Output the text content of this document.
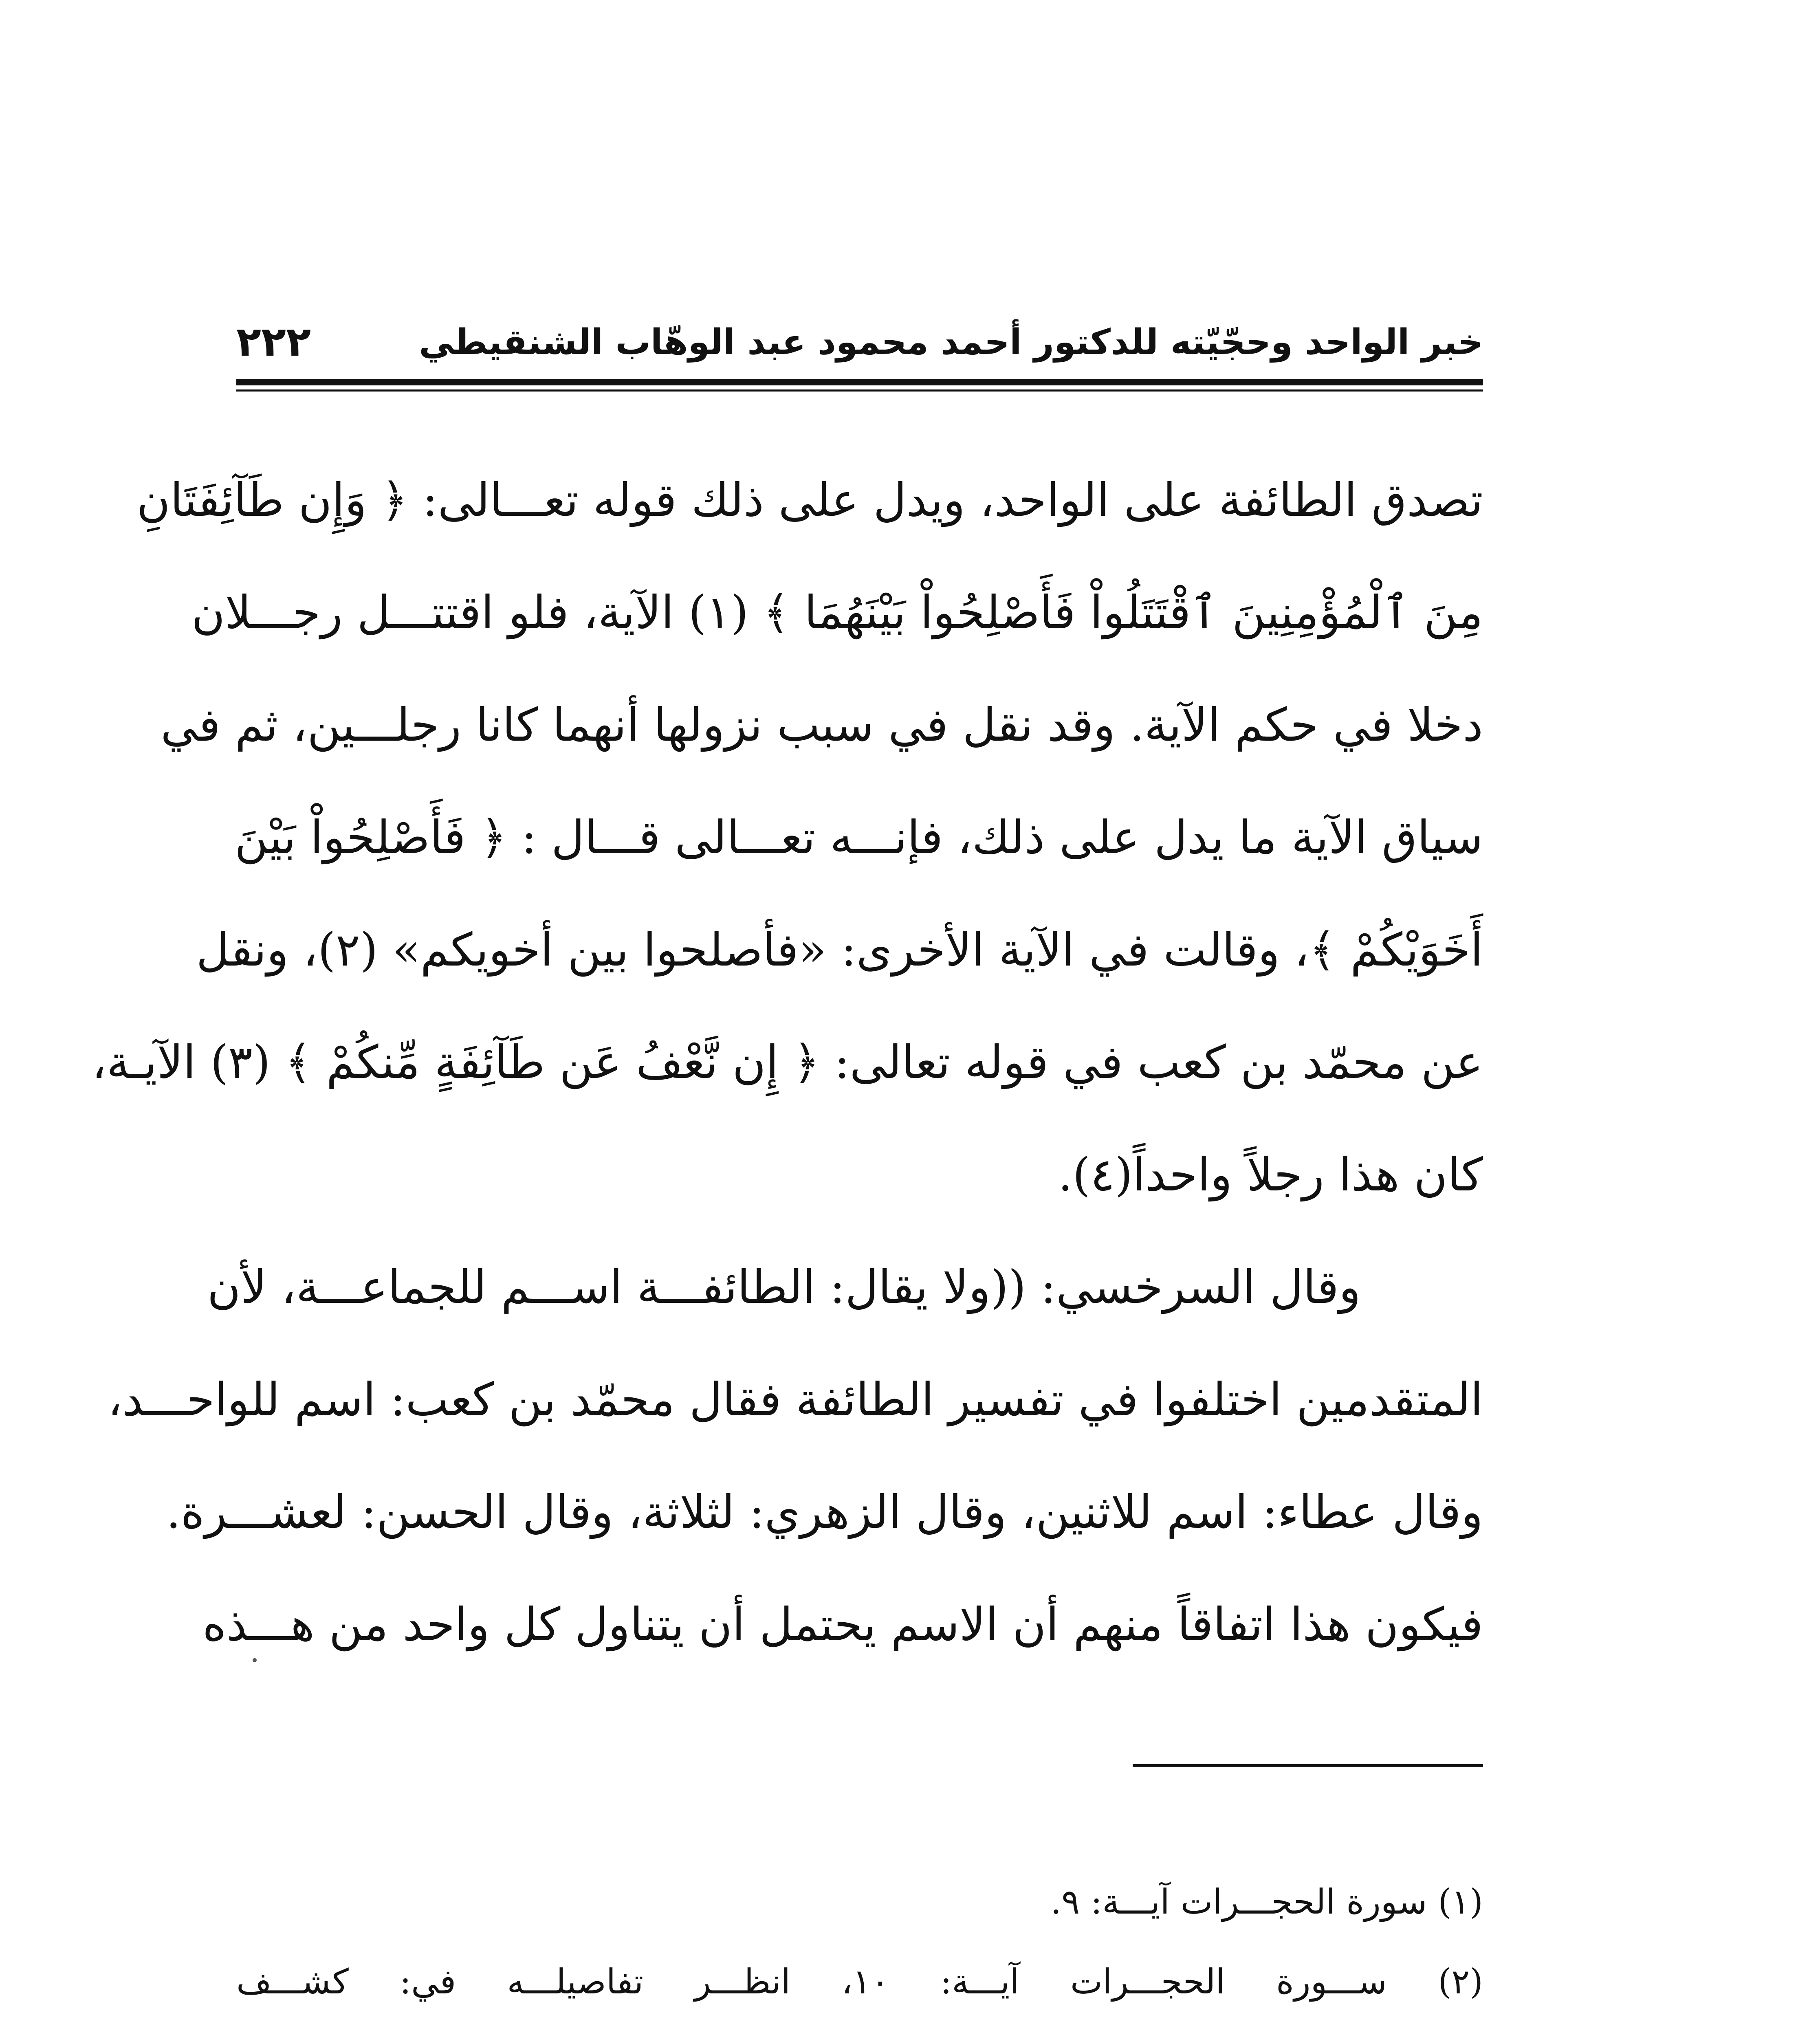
خبر الواحد وحجّيّته للدكتور أحمد محمود عبد الوهّاب الشنقيطي
٢٢٢
تصدق الطائفة على الواحد، ويدل على ذلك قوله تعـــالى: ﴿ وَإِن طَآئِفَتَانِ
مِنَ ٱلْمُؤْمِنِينَ ٱقْتَتَلُواْ فَأَصْلِحُواْ بَيْنَهُمَا ﴾ (١) الآية، فلو اقتتـــل رجـــلان
دخلا في حكم الآية. وقد نقل في سبب نزولها أنهما كانا رجلـــين، ثم في
سياق الآية ما يدل على ذلك، فإنـــه تعـــالى قـــال : ﴿ فَأَصْلِحُواْ بَيْنَ
أَخَوَيْكُمْ ﴾، وقالت في الآية الأخرى: «فأصلحوا بين أخويكم» (٢)، ونقل
عن محمّد بن كعب في قوله تعالى: ﴿ إِن نَّعْفُ عَن طَآئِفَةٍ مِّنكُمْ ﴾ (٣) الآيـة،
كان هذا رجلاً واحداً(٤).
وقال السرخسي: ((ولا يقال: الطائفـــة اســـم للجماعـــة، لأن
المتقدمين اختلفوا في تفسير الطائفة فقال محمّد بن كعب: اسم للواحـــد،
وقال عطاء: اسم للاثنين، وقال الزهري: لثلاثة، وقال الحسن: لعشـــرة.
فيكون هذا اتفاقاً منهم أن الاسم يحتمل أن يتناول كل واحد من هـــذه
(١) سورة الحجـــرات آيـــة: ٩.
(٢) ســـورة الحجـــرات آيـــة: ١٠، انظـــر تفاصيلـــه في: كشـــف
